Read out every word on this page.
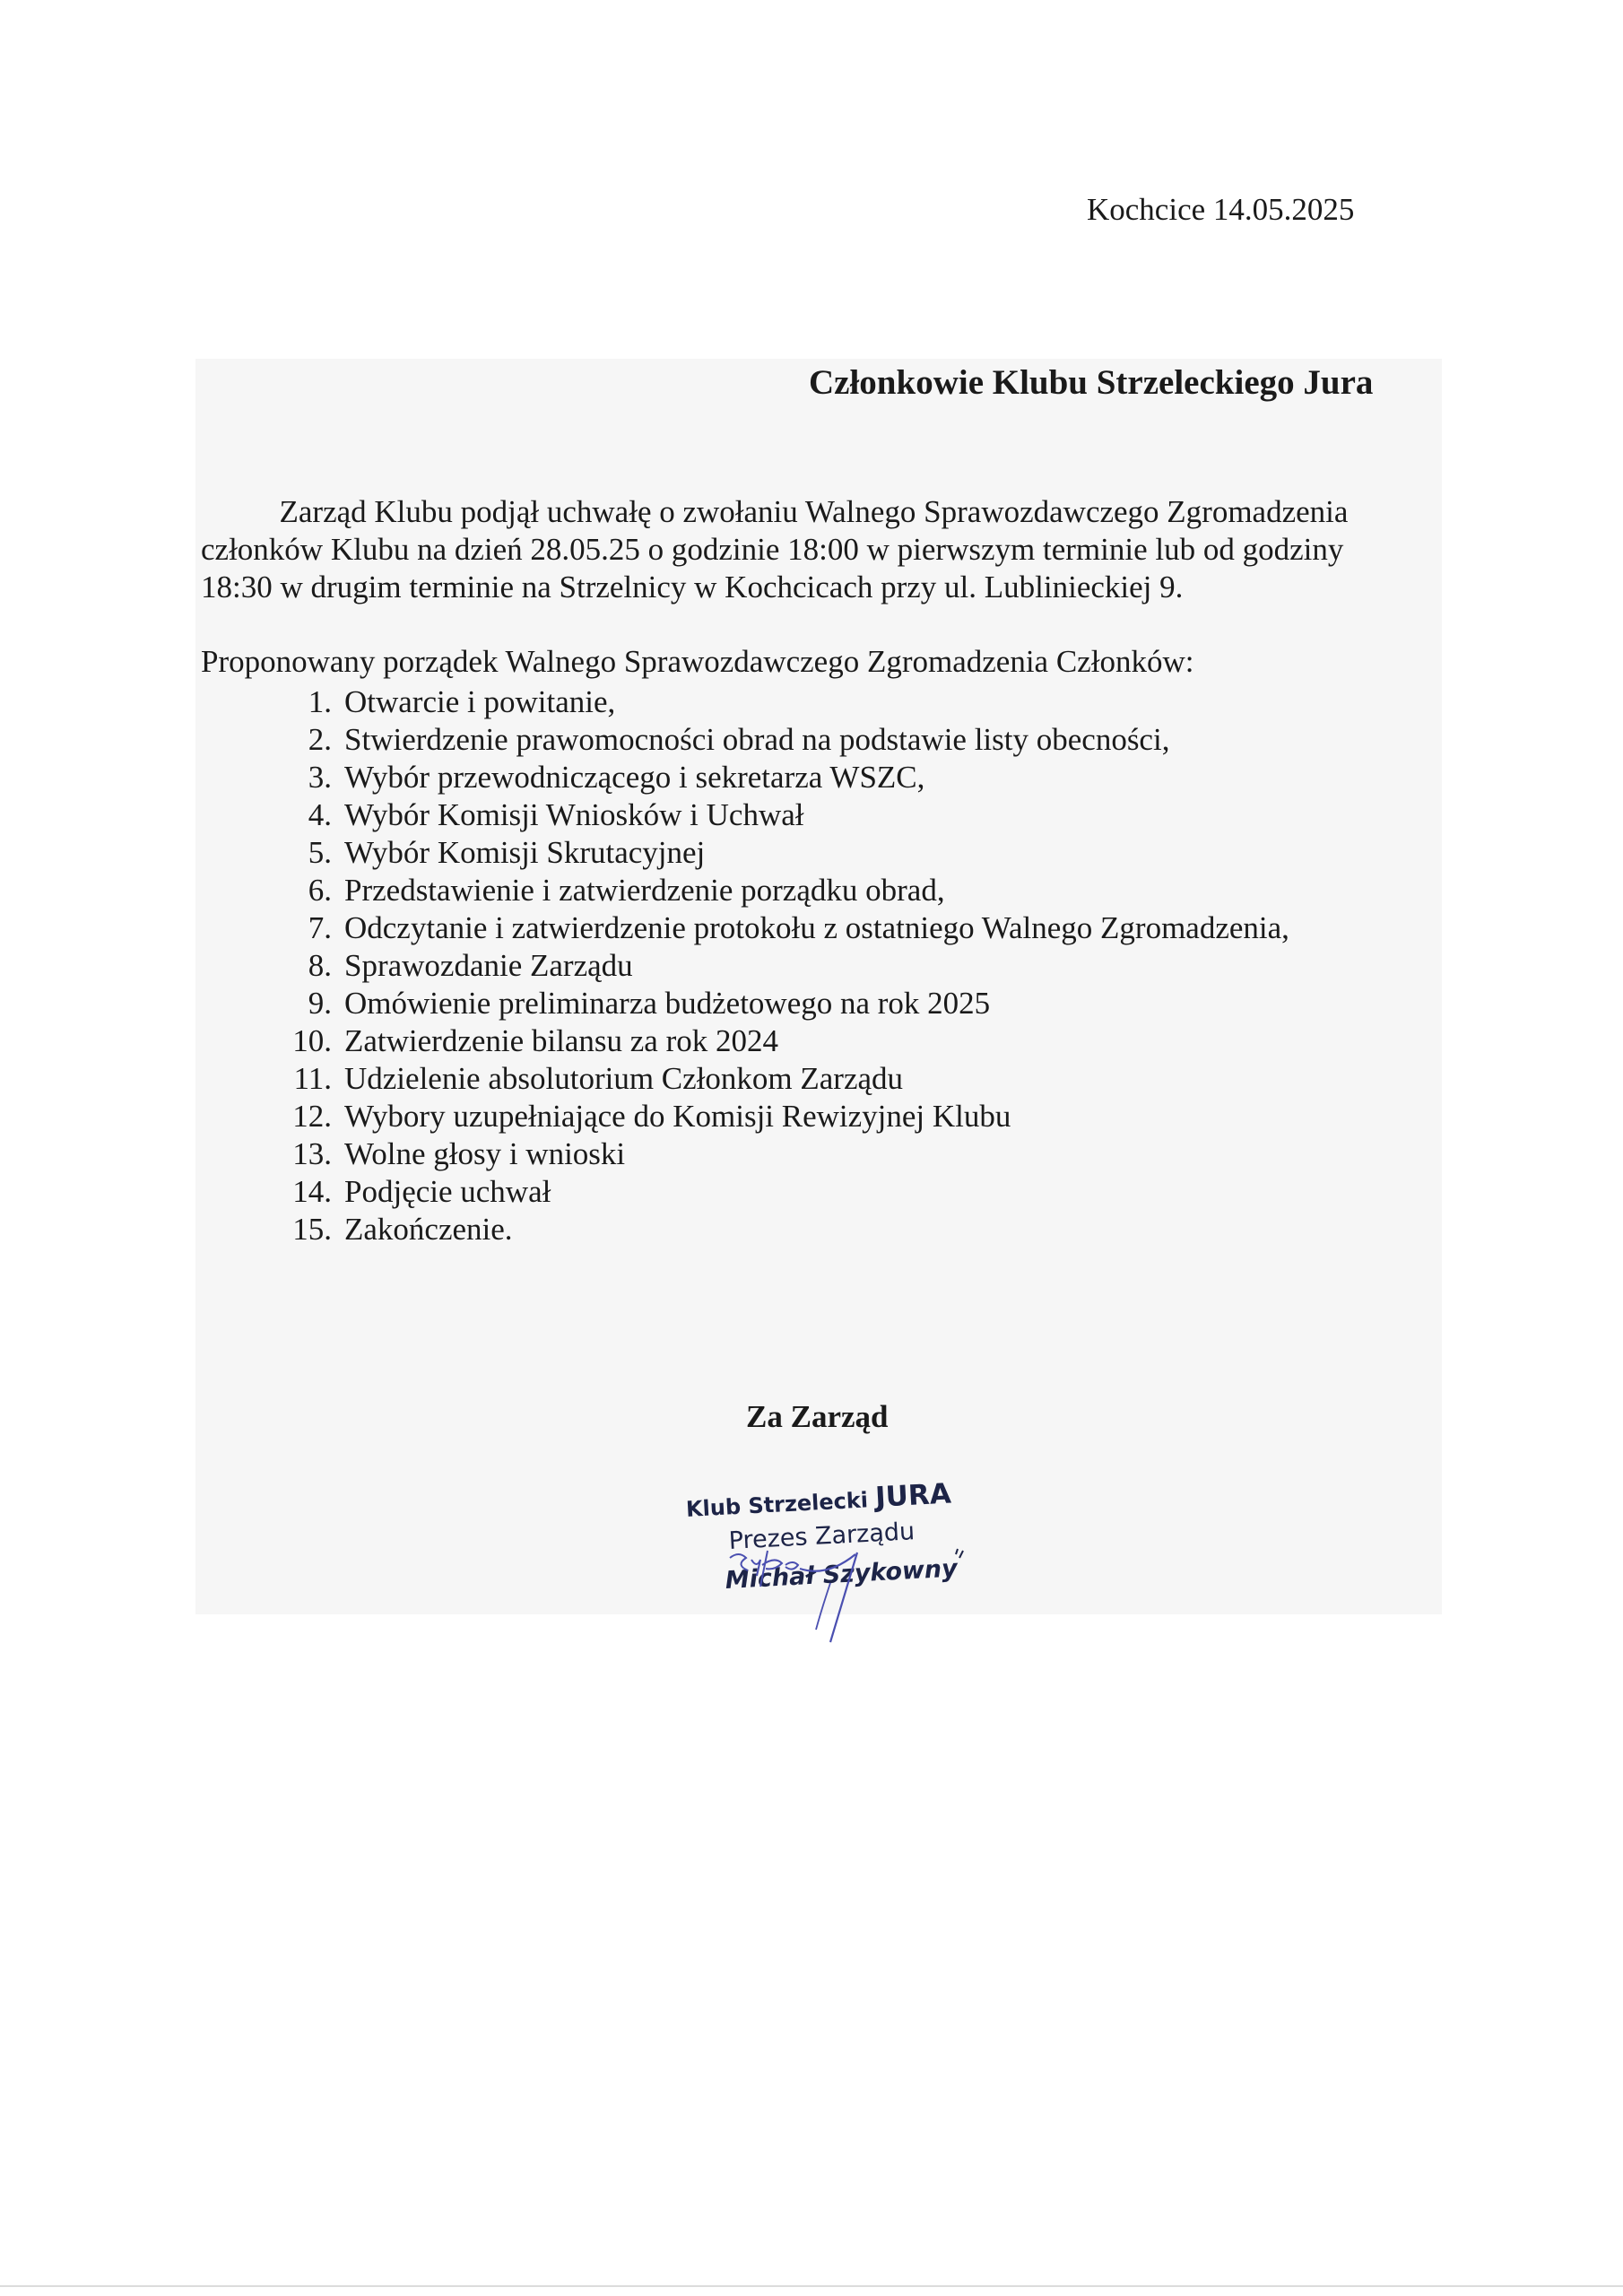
Kochcice 14.05.2025
Członkowie Klubu Strzeleckiego Jura
Zarząd Klubu podjął uchwałę o zwołaniu Walnego Sprawozdawczego Zgromadzenia
członków Klubu na dzień 28.05.25 o godzinie 18:00 w pierwszym terminie lub od godziny
18:30 w drugim terminie na Strzelnicy w Kochcicach przy ul. Lublinieckiej 9.
Proponowany porządek Walnego Sprawozdawczego Zgromadzenia Członków:
1. Otwarcie i powitanie,
2. Stwierdzenie prawomocności obrad na podstawie listy obecności,
3. Wybór przewodniczącego i sekretarza WSZC,
4. Wybór Komisji Wniosków i Uchwał
5. Wybór Komisji Skrutacyjnej
6. Przedstawienie i zatwierdzenie porządku obrad,
7. Odczytanie i zatwierdzenie protokołu z ostatniego Walnego Zgromadzenia,
8. Sprawozdanie Zarządu
9. Omówienie preliminarza budżetowego na rok 2025
10. Zatwierdzenie bilansu za rok 2024
11. Udzielenie absolutorium Członkom Zarządu
12. Wybory uzupełniające do Komisji Rewizyjnej Klubu
13. Wolne głosy i wnioski
14. Podjęcie uchwał
15. Zakończenie.
Za Zarząd
Klub Strzelecki JURA
Prezes Zarządu
Michał Szykowny
